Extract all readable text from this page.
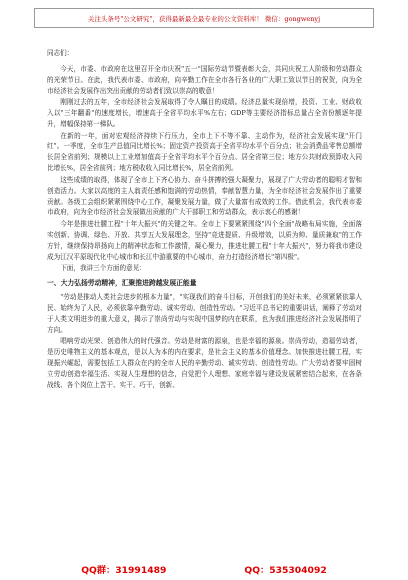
关注头条号"公文研究"，获得最新最全最专业的公文资料库！ 微信：gongwenyj

同志们：

今天，市委、市政府在这里召开全市庆祝"五一"国际劳动节暨表彰大会，共同庆祝工人阶级和劳动群众的光荣节日。在此，我代表市委、市政府，向辛勤工作在全市各行各业的广大职工致以节日的祝贺，向为全市经济社会发展作出突出贡献的劳动者们致以崇高的敬意！

刚刚过去的五年，全市经济社会发展取得了令人瞩目的成绩。经济总量实现倍增，投资、工业、财政收入以"三年翻番"的速度增长，增速高于全省平均水平%左右；GDP等主要经济指标总量占全省份额逐年提升，增幅保持第一梯队。

在新的一年，面对宏观经济持续下行压力，全市上下不等不靠、主动作为，经济社会发展实现"开门红"。一季度，全市生产总值同比增长%；固定资产投资高于全省平均水平个百分点；社会消费品零售总额增长居全省前列；规模以上工业增加值高于全省平均水平个百分点、居全省第三位；地方公共财政预算收入同比增长%，居全省前列；地方税收收入同比增长%，居全省前列。

这些成绩的取得，体现了全市上下齐心协力、奋斗拼搏的强大凝聚力，展现了广大劳动者的聪明才智和创造活力。大家以高度的主人翁责任感和饱满的劳动热情，奉献智慧力量，为全市经济社会发展作出了重要贡献。各级工会组织紧紧围绕中心工作，凝聚发展力量，做了大量富有成效的工作。借此机会，我代表市委市政府，向为全市经济社会发展做出贡献的广大干部职工和劳动群众，表示衷心的感谢！

今年是推进壮腰工程"十年大振兴"的关键之年。全市上下要紧紧围绕"四个全面"战略布局实施，全面落实创新、协调、绿色、开放、共享五大发展理念，坚持"竞进提质、升级增效，以质为帅、量质兼取"的工作方针，继续保持昂扬向上的精神状态和工作激情，凝心聚力，推进壮腰工程"十年大振兴"，努力将我市建设成为江汉平原现代化中心城市和长江中游重要的中心城市，奋力打造经济增长"第四极"。

下面，我讲三个方面的意见：

一、大力弘扬劳动精神，汇聚推进跨越发展正能量

"劳动是推动人类社会进步的根本力量"，"实现我们的奋斗目标，开创我们的美好未来，必须紧紧依靠人民、始终为了人民，必须依靠辛勤劳动、诚实劳动、创造性劳动。"习近平总书记的重要讲话，阐释了劳动对于人类文明进步的重大意义，揭示了崇尚劳动与实现中国梦的内在联系，也为我们推进经济社会发展指明了方向。

唱响劳动光荣、创造伟大的时代强音。劳动是财富的源泉，也是幸福的源泉。崇尚劳动，造福劳动者，是历史唯物主义的基本观点，是以人为本的内在要求，是社会主义的基本价值理念。加快推进壮腰工程，实现振兴崛起，需要包括工人群众在内的全市人民的辛勤劳动、诚实劳动、创造性劳动。广大劳动者要牢固树立劳动创造幸福生活、实现人生理想的信念，自觉把个人理想、家庭幸福与建设发展紧密结合起来，在各条战线、各个岗位上苦干、实干、巧干，创新、

QQ群：31991489	QQ：535304092
